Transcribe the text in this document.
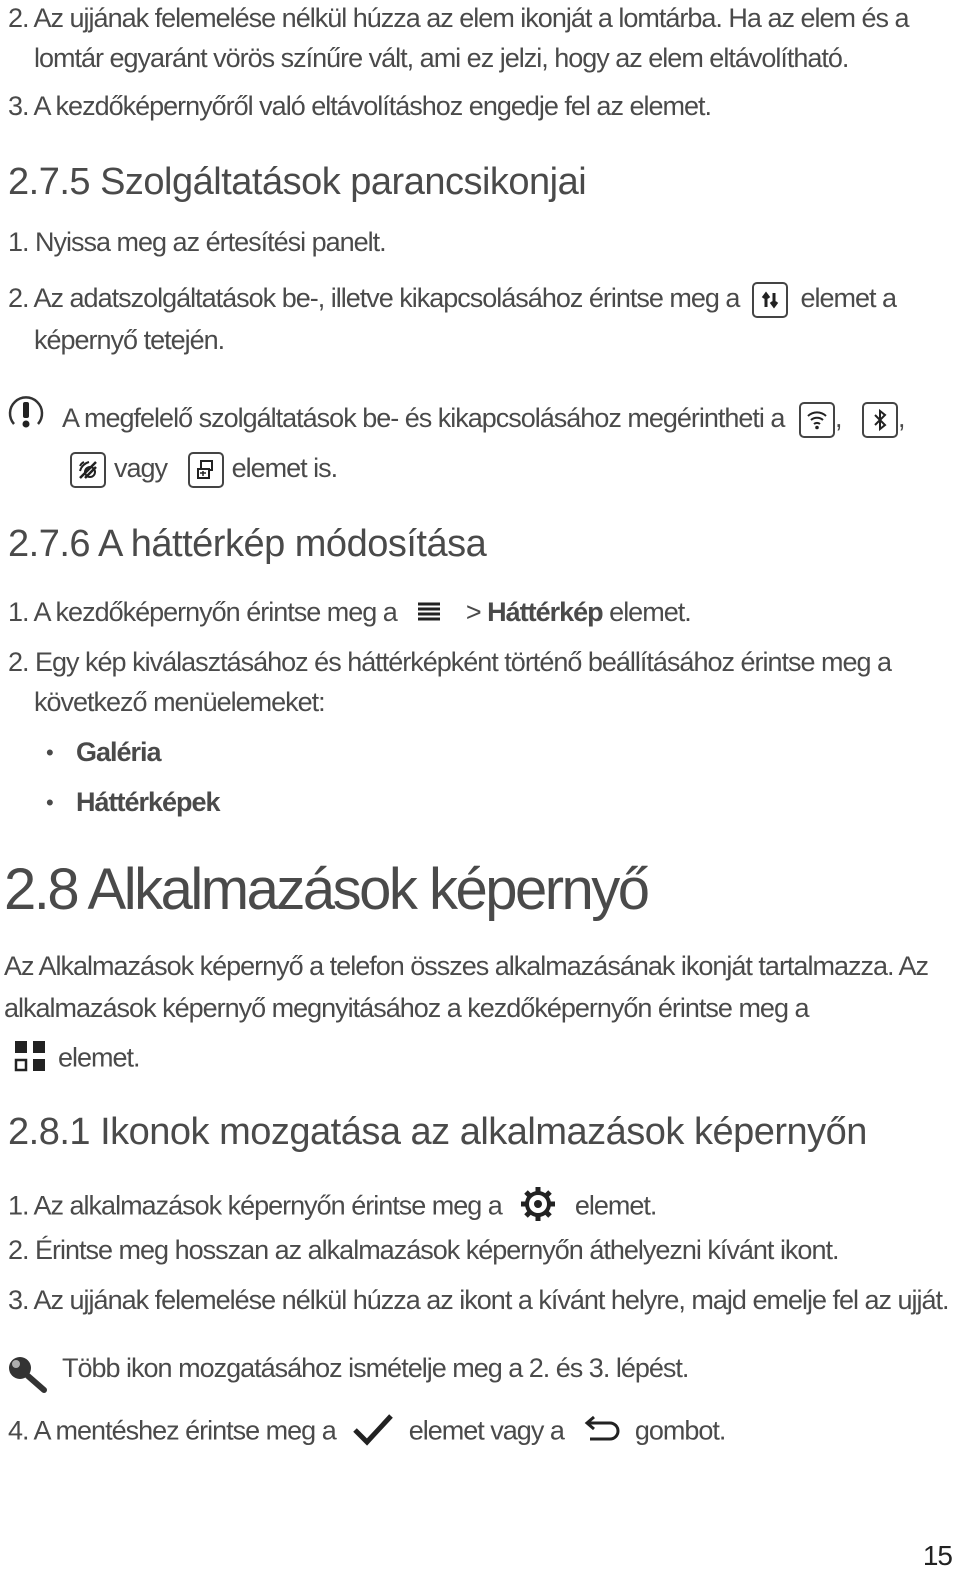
2. Az ujjának felemelése nélkül húzza az elem ikonját a lomtárba. Ha az elem és a
lomtár egyaránt vörös színűre vált, ami ez jelzi, hogy az elem eltávolítható.
3. A kezdőképernyőről való eltávolításhoz engedje fel az elemet.
2.7.5 Szolgáltatások parancsikonjai
1. Nyissa meg az értesítési panelt.
2. Az adatszolgáltatások be-, illetve kikapcsolásához érintse meg a elemet a
képernyő tetején.
A megfelelő szolgáltatások be- és kikapcsolásához megérintheti a , ,
vagy elemet is.
2.7.6 A háttérkép módosítása
1. A kezdőképernyőn érintse meg a	> Háttérkép elemet.
2. Egy kép kiválasztásához és háttérképként történő beállításához érintse meg a
következő menüelemeket:
• Galéria
• Háttérképek
2.8 Alkalmazások képernyő
Az Alkalmazások képernyő a telefon összes alkalmazásának ikonját tartalmazza. Az
alkalmazások képernyő megnyitásához a kezdőképernyőn érintse meg a
elemet.
2.8.1 Ikonok mozgatása az alkalmazások képernyőn
1. Az alkalmazások képernyőn érintse meg a	elemet.
2. Érintse meg hosszan az alkalmazások képernyőn áthelyezni kívánt ikont.
3. Az ujjának felemelése nélkül húzza az ikont a kívánt helyre, majd emelje fel az ujját.
Több ikon mozgatásához ismételje meg a 2. és 3. lépést.
4. A mentéshez érintse meg a	elemet vagy a	gombot.
15
